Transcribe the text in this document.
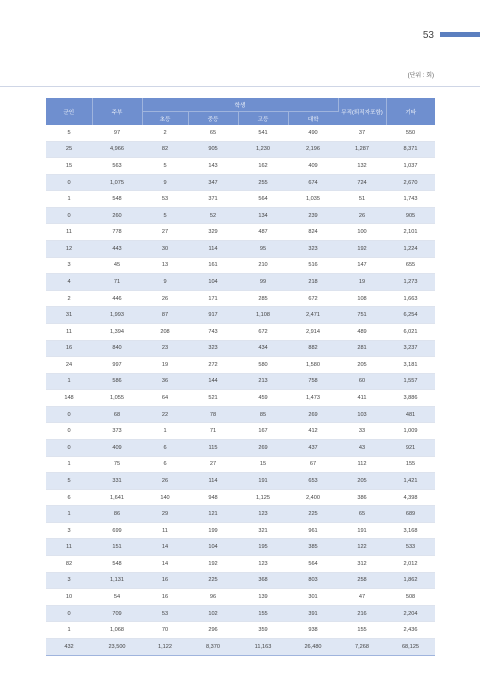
53
(단위 : 회)
군인	주부	학생				무직(퇴직자포함)	기타
		초등	중등	고등	대학		
5	97	2	65	541	490	37	550
25	4,966	82	905	1,230	2,196	1,287	8,371
15	563	5	143	162	409	132	1,037
0	1,075	9	347	255	674	724	2,670
1	548	53	371	564	1,035	51	1,743
0	260	5	52	134	239	26	905
11	778	27	329	487	824	100	2,101
12	443	30	114	95	323	192	1,224
3	45	13	161	210	516	147	655
4	71	9	104	99	218	19	1,273
2	446	26	171	285	672	108	1,663
31	1,993	87	917	1,108	2,471	751	6,254
11	1,394	208	743	672	2,914	489	6,021
16	840	23	323	434	882	281	3,237
24	997	19	272	580	1,580	205	3,181
1	586	36	144	213	758	60	1,557
148	1,055	64	521	459	1,473	411	3,886
0	68	22	78	85	269	103	481
0	373	1	71	167	412	33	1,009
0	409	6	115	269	437	43	921
1	75	6	27	15	67	112	155
5	331	26	114	191	653	205	1,421
6	1,641	140	948	1,125	2,400	386	4,398
1	86	29	121	123	225	65	689
3	699	11	199	321	961	191	3,168
11	151	14	104	195	385	122	533
82	548	14	192	123	564	312	2,012
3	1,131	16	225	368	803	258	1,862
10	54	16	96	139	301	47	508
0	709	53	102	155	391	216	2,204
1	1,068	70	296	359	938	155	2,436
432	23,500	1,122	8,370	11,163	26,480	7,268	68,125
